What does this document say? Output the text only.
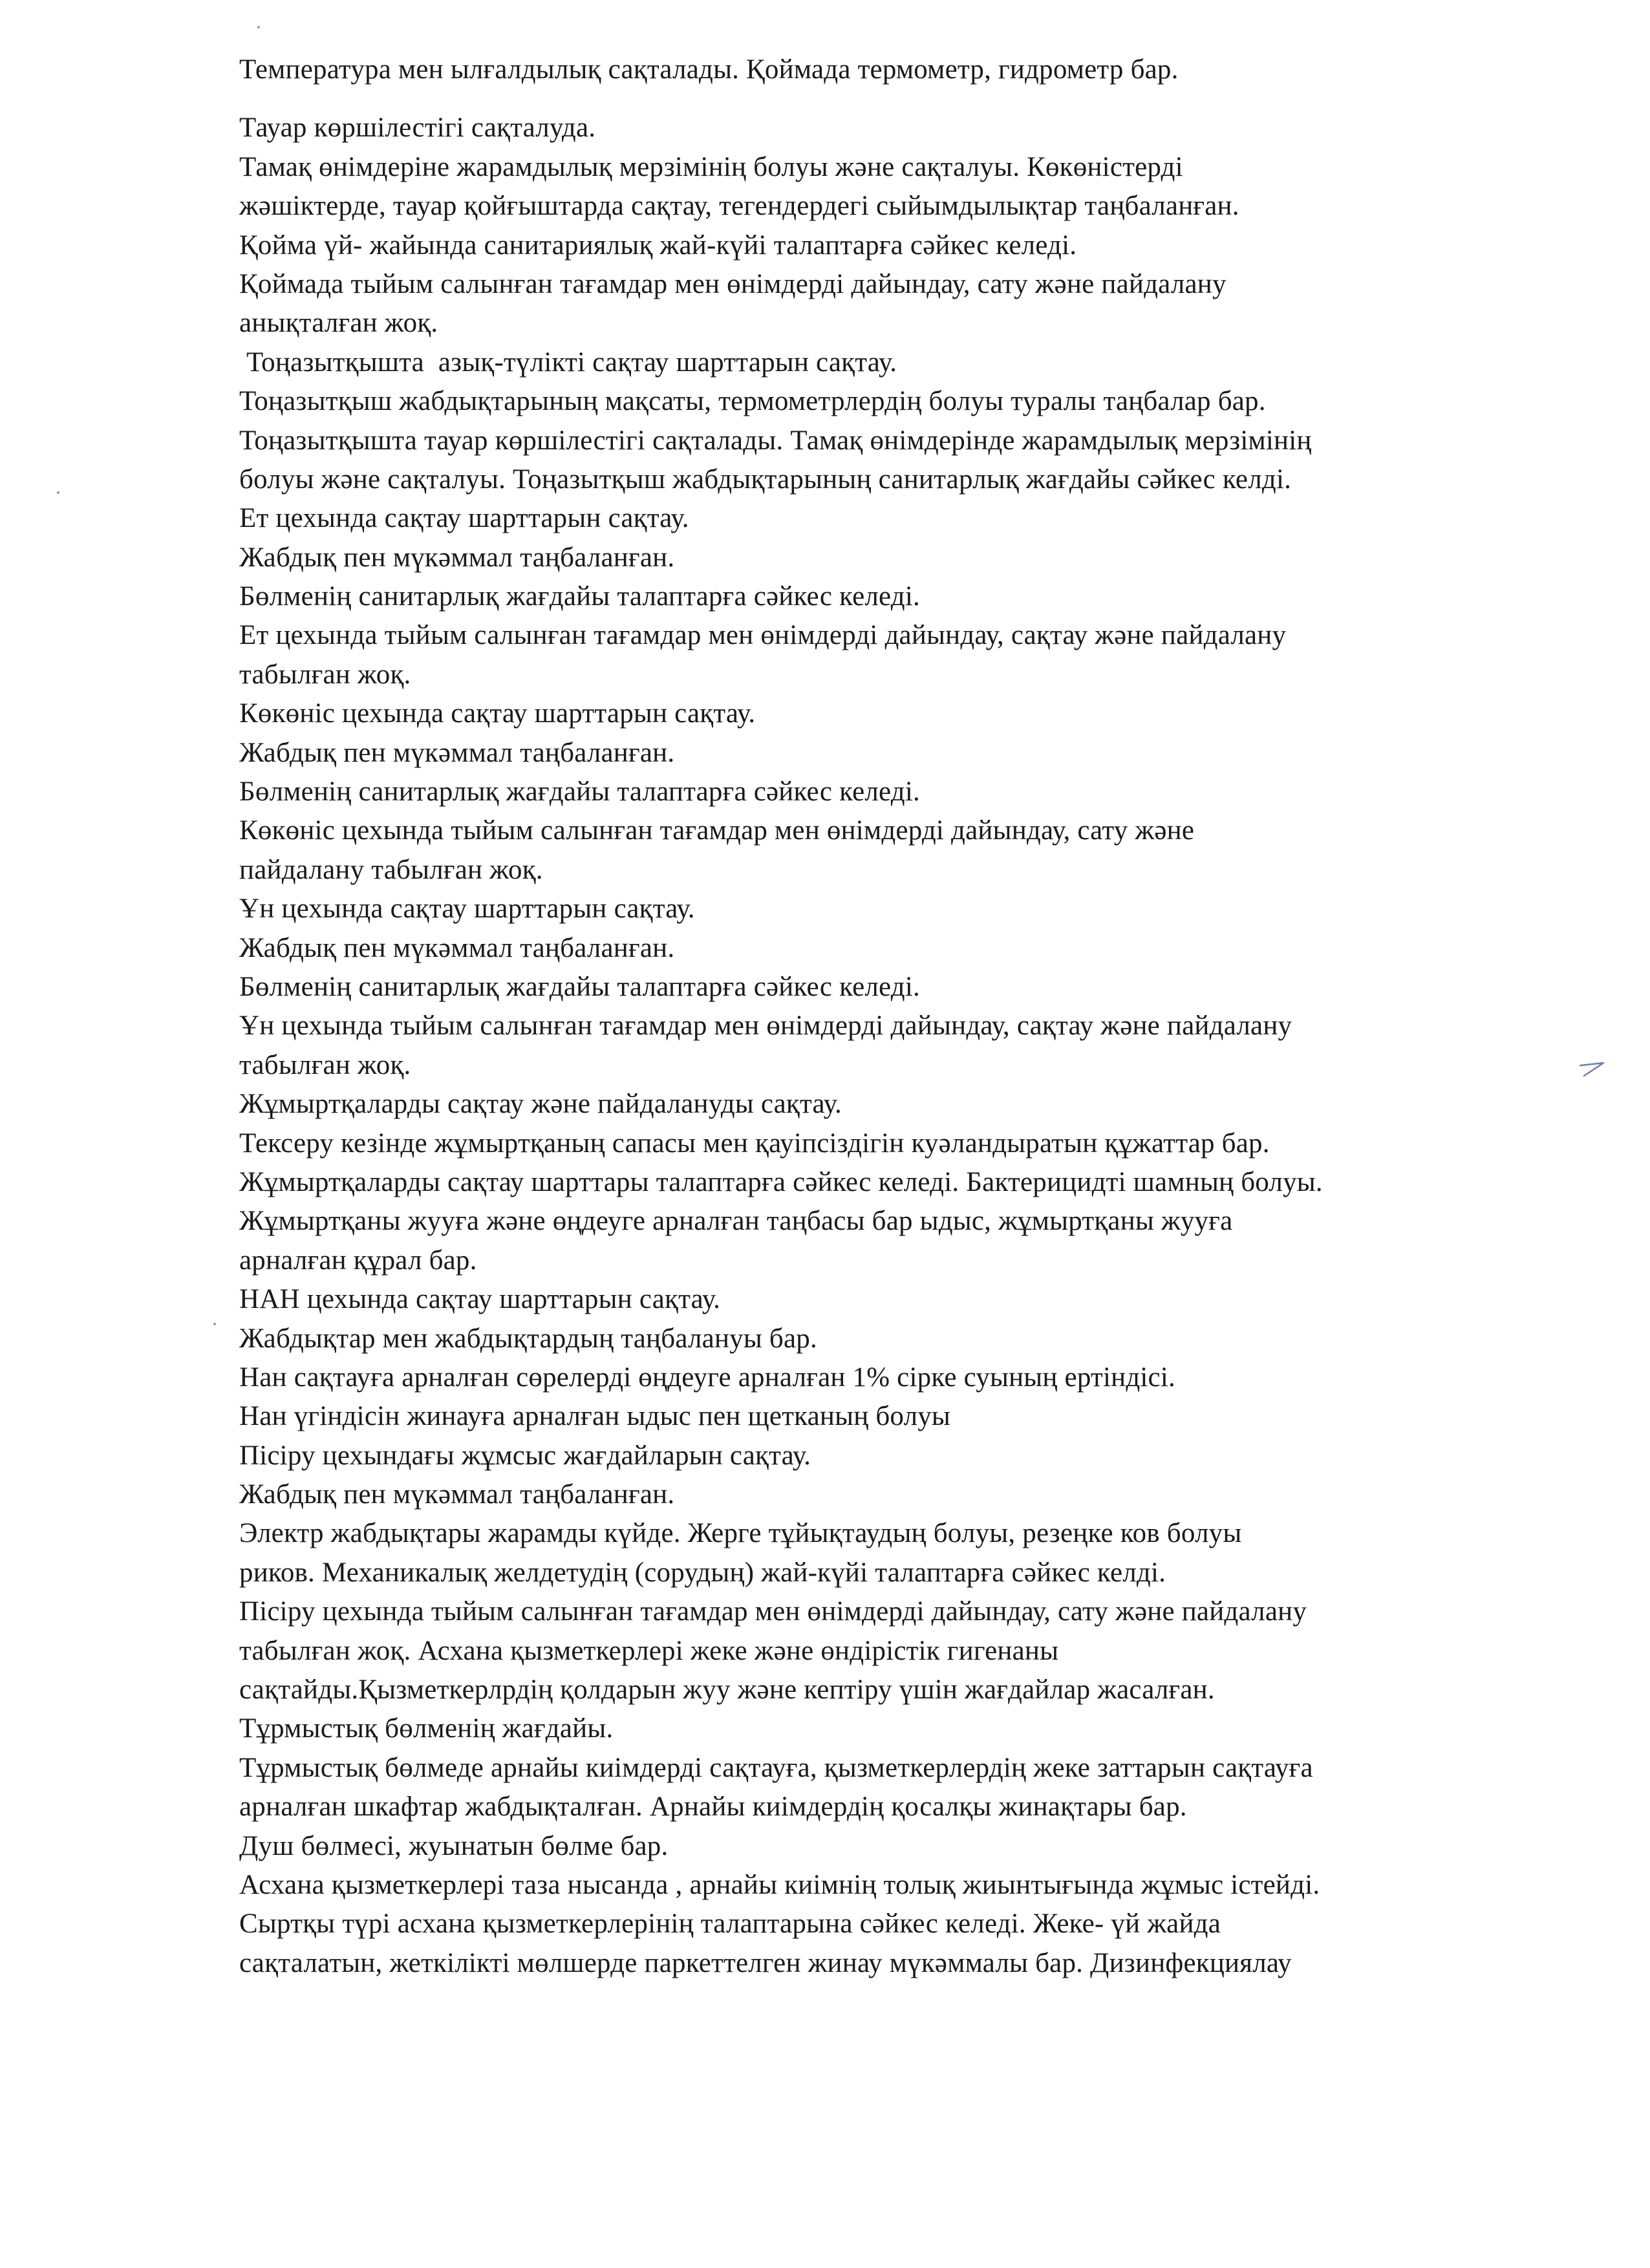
Температура мен ылғалдылық сақталады. Қоймада термометр, гидрометр бар.
Тауар көршілестігі сақталуда.
Тамақ өнімдеріне жарамдылық мерзімінің болуы және сақталуы. Көкөністерді
жәшіктерде, тауар қойғыштарда сақтау, тегендердегі сыйымдылықтар таңбаланған.
Қойма үй- жайында санитариялық жай-күйі талаптарға сәйкес келеді.
Қоймада тыйым салынған тағамдар мен өнімдерді дайындау, сату және пайдалану
анықталған жоқ.
Тоңазытқышта  азық-түлікті сақтау шарттарын сақтау.
Тоңазытқыш жабдықтарының мақсаты, термометрлердің болуы туралы таңбалар бар.
Тоңазытқышта тауар көршілестігі сақталады. Тамақ өнімдерінде жарамдылық мерзімінің
болуы және сақталуы. Тоңазытқыш жабдықтарының санитарлық жағдайы сәйкес келді.
Ет цехында сақтау шарттарын сақтау.
Жабдық пен мүкәммал таңбаланған.
Бөлменің санитарлық жағдайы талаптарға сәйкес келеді.
Ет цехында тыйым салынған тағамдар мен өнімдерді дайындау, сақтау және пайдалану
табылған жоқ.
Көкөніс цехында сақтау шарттарын сақтау.
Жабдық пен мүкәммал таңбаланған.
Бөлменің санитарлық жағдайы талаптарға сәйкес келеді.
Көкөніс цехында тыйым салынған тағамдар мен өнімдерді дайындау, сату және
пайдалану табылған жоқ.
Ұн цехында сақтау шарттарын сақтау.
Жабдық пен мүкәммал таңбаланған.
Бөлменің санитарлық жағдайы талаптарға сәйкес келеді.
Ұн цехында тыйым салынған тағамдар мен өнімдерді дайындау, сақтау және пайдалану
табылған жоқ.
Жұмыртқаларды сақтау және пайдалануды сақтау.
Тексеру кезінде жұмыртқаның сапасы мен қауіпсіздігін куәландыратын құжаттар бар.
Жұмыртқаларды сақтау шарттары талаптарға сәйкес келеді. Бактерицидті шамның болуы.
Жұмыртқаны жууға және өңдеуге арналған таңбасы бар ыдыс, жұмыртқаны жууға
арналған құрал бар.
НАН цехында сақтау шарттарын сақтау.
Жабдықтар мен жабдықтардың таңбалануы бар.
Нан сақтауға арналған сөрелерді өңдеуге арналған 1% сірке суының ертіндісі.
Нан үгіндісін жинауға арналған ыдыс пен щетканың болуы
Пісіру цехындағы жұмсыс жағдайларын сақтау.
Жабдық пен мүкәммал таңбаланған.
Электр жабдықтары жарамды күйде. Жерге тұйықтаудың болуы, резеңке ков болуы
риков. Механикалық желдетудің (сорудың) жай-күйі талаптарға сәйкес келді.
Пісіру цехында тыйым салынған тағамдар мен өнімдерді дайындау, сату және пайдалану
табылған жоқ. Асхана қызметкерлері жеке және өндірістік гигенаны
сақтайды.Қызметкерлрдің қолдарын жуу және кептіру үшін жағдайлар жасалған.
Тұрмыстық бөлменің жағдайы.
Тұрмыстық бөлмеде арнайы киімдерді сақтауға, қызметкерлердің жеке заттарын сақтауға
арналған шкафтар жабдықталған. Арнайы киімдердің қосалқы жинақтары бар.
Душ бөлмесі, жуынатын бөлме бар.
Асхана қызметкерлері таза нысанда , арнайы киімнің толық жиынтығында жұмыс істейді.
Сыртқы түрі асхана қызметкерлерінің талаптарына сәйкес келеді. Жеке- үй жайда
сақталатын, жеткілікті мөлшерде паркеттелген жинау мүкәммалы бар. Дизинфекциялау
